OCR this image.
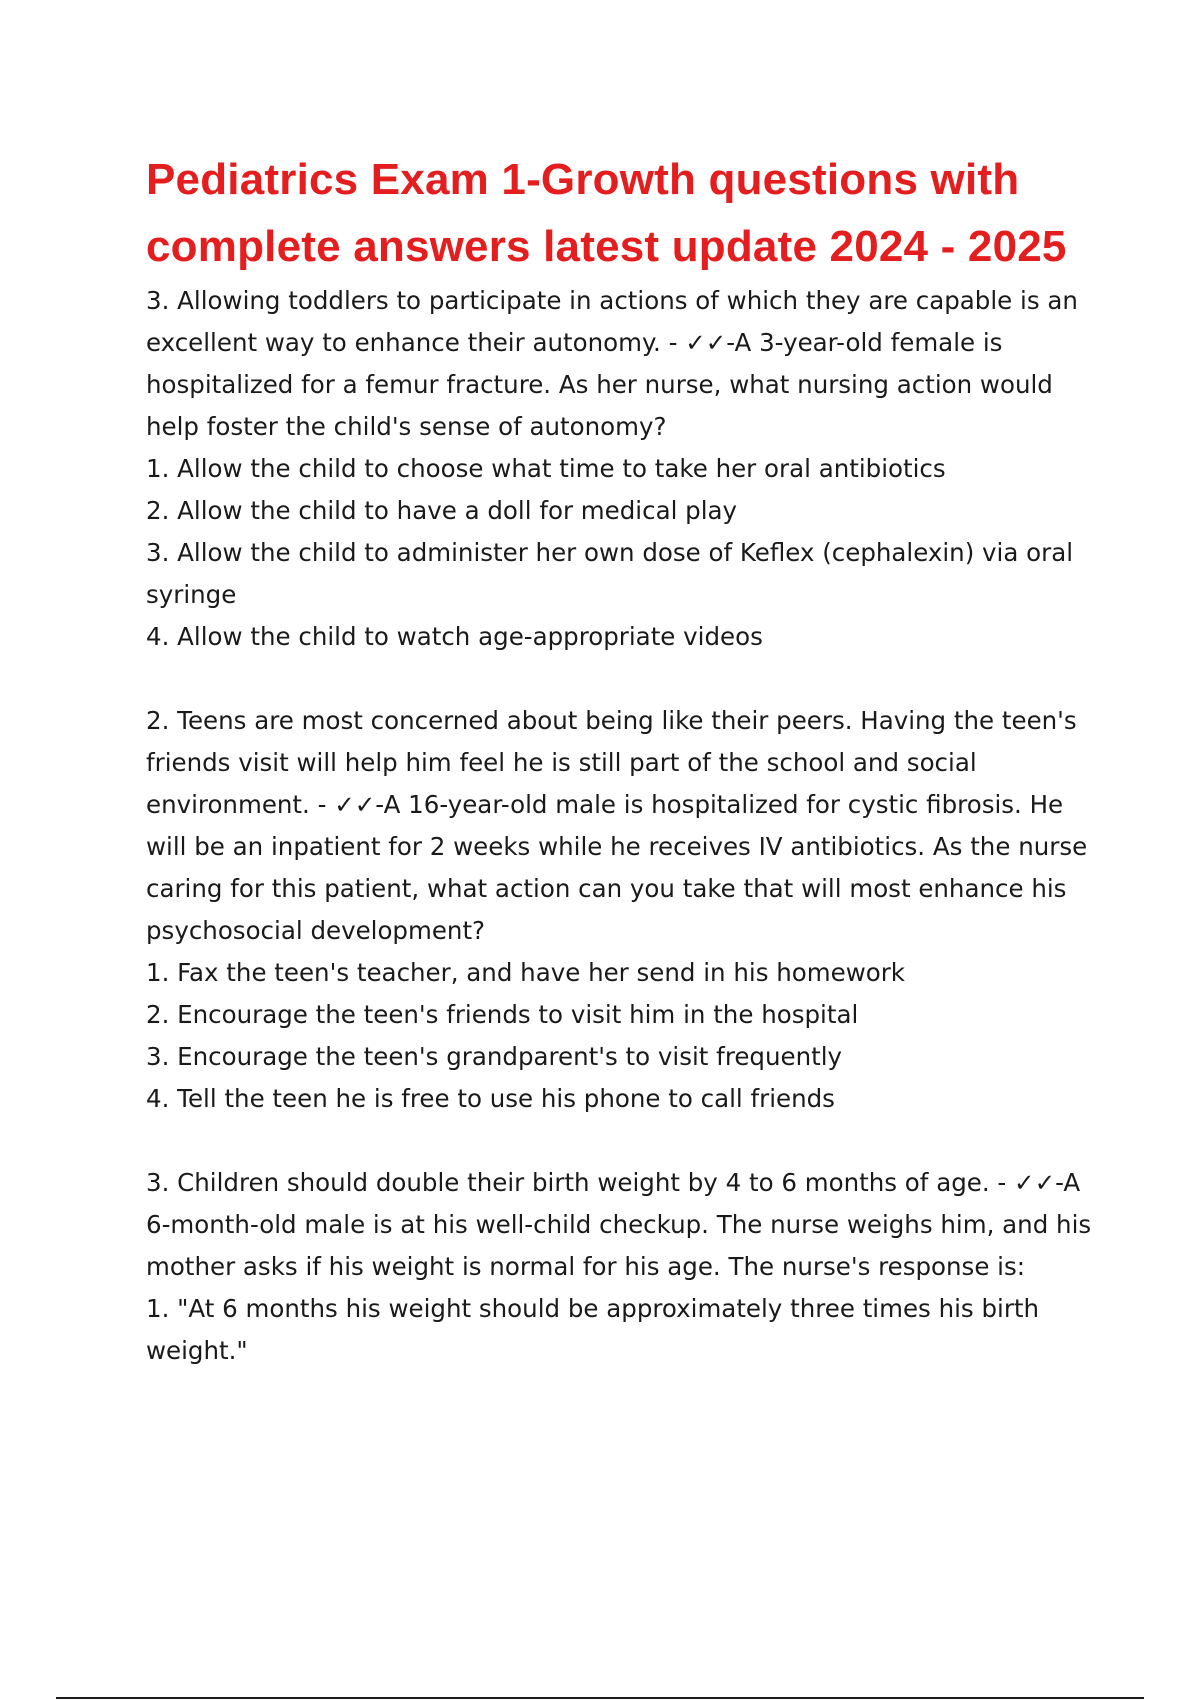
Pediatrics Exam 1-Growth questions with complete answers latest update 2024 - 2025
3. Allowing toddlers to participate in actions of which they are capable is an excellent way to enhance their autonomy. - ✓✓-A 3-year-old female is hospitalized for a femur fracture. As her nurse, what nursing action would help foster the child's sense of autonomy?
1. Allow the child to choose what time to take her oral antibiotics
2. Allow the child to have a doll for medical play
3. Allow the child to administer her own dose of Keflex (cephalexin) via oral syringe
4. Allow the child to watch age-appropriate videos
2. Teens are most concerned about being like their peers. Having the teen's friends visit will help him feel he is still part of the school and social environment. - ✓✓-A 16-year-old male is hospitalized for cystic fibrosis. He will be an inpatient for 2 weeks while he receives IV antibiotics. As the nurse caring for this patient, what action can you take that will most enhance his psychosocial development?
1. Fax the teen's teacher, and have her send in his homework
2. Encourage the teen's friends to visit him in the hospital
3. Encourage the teen's grandparent's to visit frequently
4. Tell the teen he is free to use his phone to call friends
3. Children should double their birth weight by 4 to 6 months of age. - ✓✓-A 6-month-old male is at his well-child checkup. The nurse weighs him, and his mother asks if his weight is normal for his age. The nurse's response is:
1. "At 6 months his weight should be approximately three times his birth weight."
